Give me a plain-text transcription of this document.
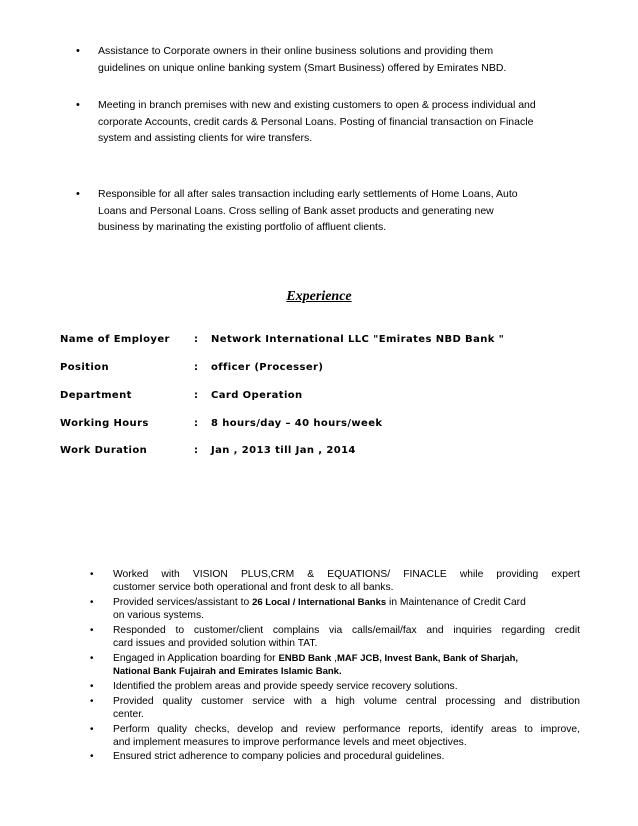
• Assistance to Corporate owners in their online business solutions and providing them
guidelines on unique online banking system (Smart Business) offered by Emirates NBD.
• Meeting in branch premises with new and existing customers to open & process individual and
corporate Accounts, credit cards & Personal Loans. Posting of financial transaction on Finacle
system and assisting clients for wire transfers.
• Responsible for all after sales transaction including early settlements of Home Loans, Auto
Loans and Personal Loans. Cross selling of Bank asset products and generating new
business by marinating the existing portfolio of affluent clients.
Experience
Name of Employer : Network International LLC "Emirates NBD Bank "
Position	: officer (Processer)
Department	: Card Operation
Working Hours	: 8 hours/day – 40 hours/week
Work Duration	: Jan , 2013 till Jan , 2014
• Worked with VISION PLUS,CRM & EQUATIONS/ FINACLE while providing expert
customer service both operational and front desk to all banks.
• Provided services/assistant to 26 Local / International Banks in Maintenance of Credit Card
on various systems.
• Responded to customer/client complains via calls/email/fax and inquiries regarding credit
card issues and provided solution within TAT.
• Engaged in Application boarding for ENBD Bank ,MAF JCB, Invest Bank, Bank of Sharjah,
National Bank Fujairah and Emirates Islamic Bank.
• Identified the problem areas and provide speedy service recovery solutions.
• Provided quality customer service with a high volume central processing and distribution
center.
• Perform quality checks, develop and review performance reports, identify areas to improve,
and implement measures to improve performance levels and meet objectives.
• Ensured strict adherence to company policies and procedural guidelines.
